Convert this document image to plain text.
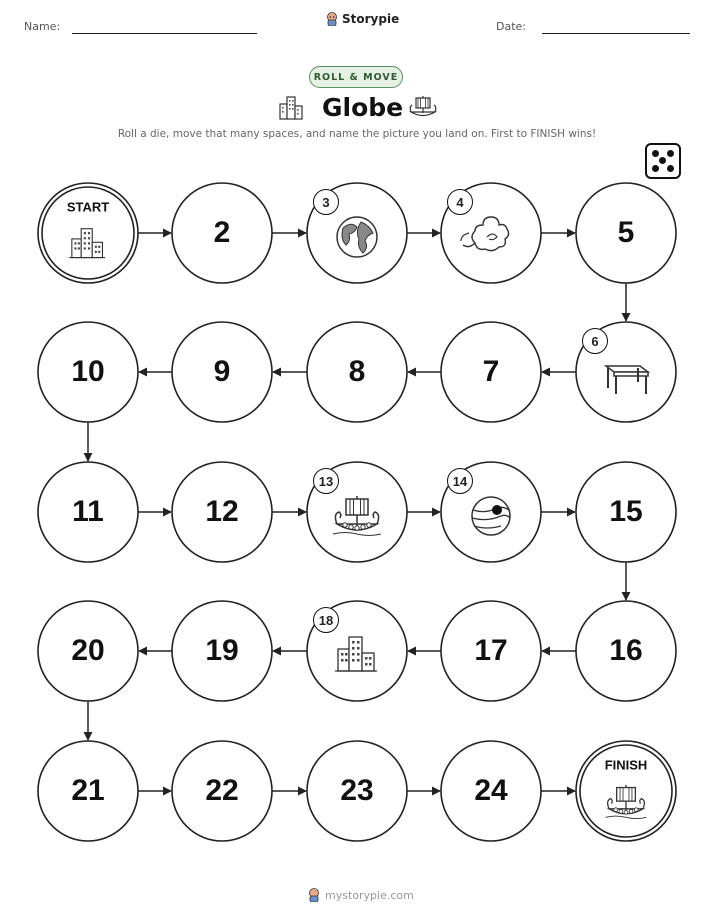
Name:
Storypie
Date:
ROLL & MOVE
Globe
Roll a die, move that many spaces, and name the picture you land on. First to FINISH wins!
START
2
3	4
5
6
7
8
9
10
11	12
13	14
15
16
17
18
19
20
21	22	23	24
FINISH
mystorypie.com
